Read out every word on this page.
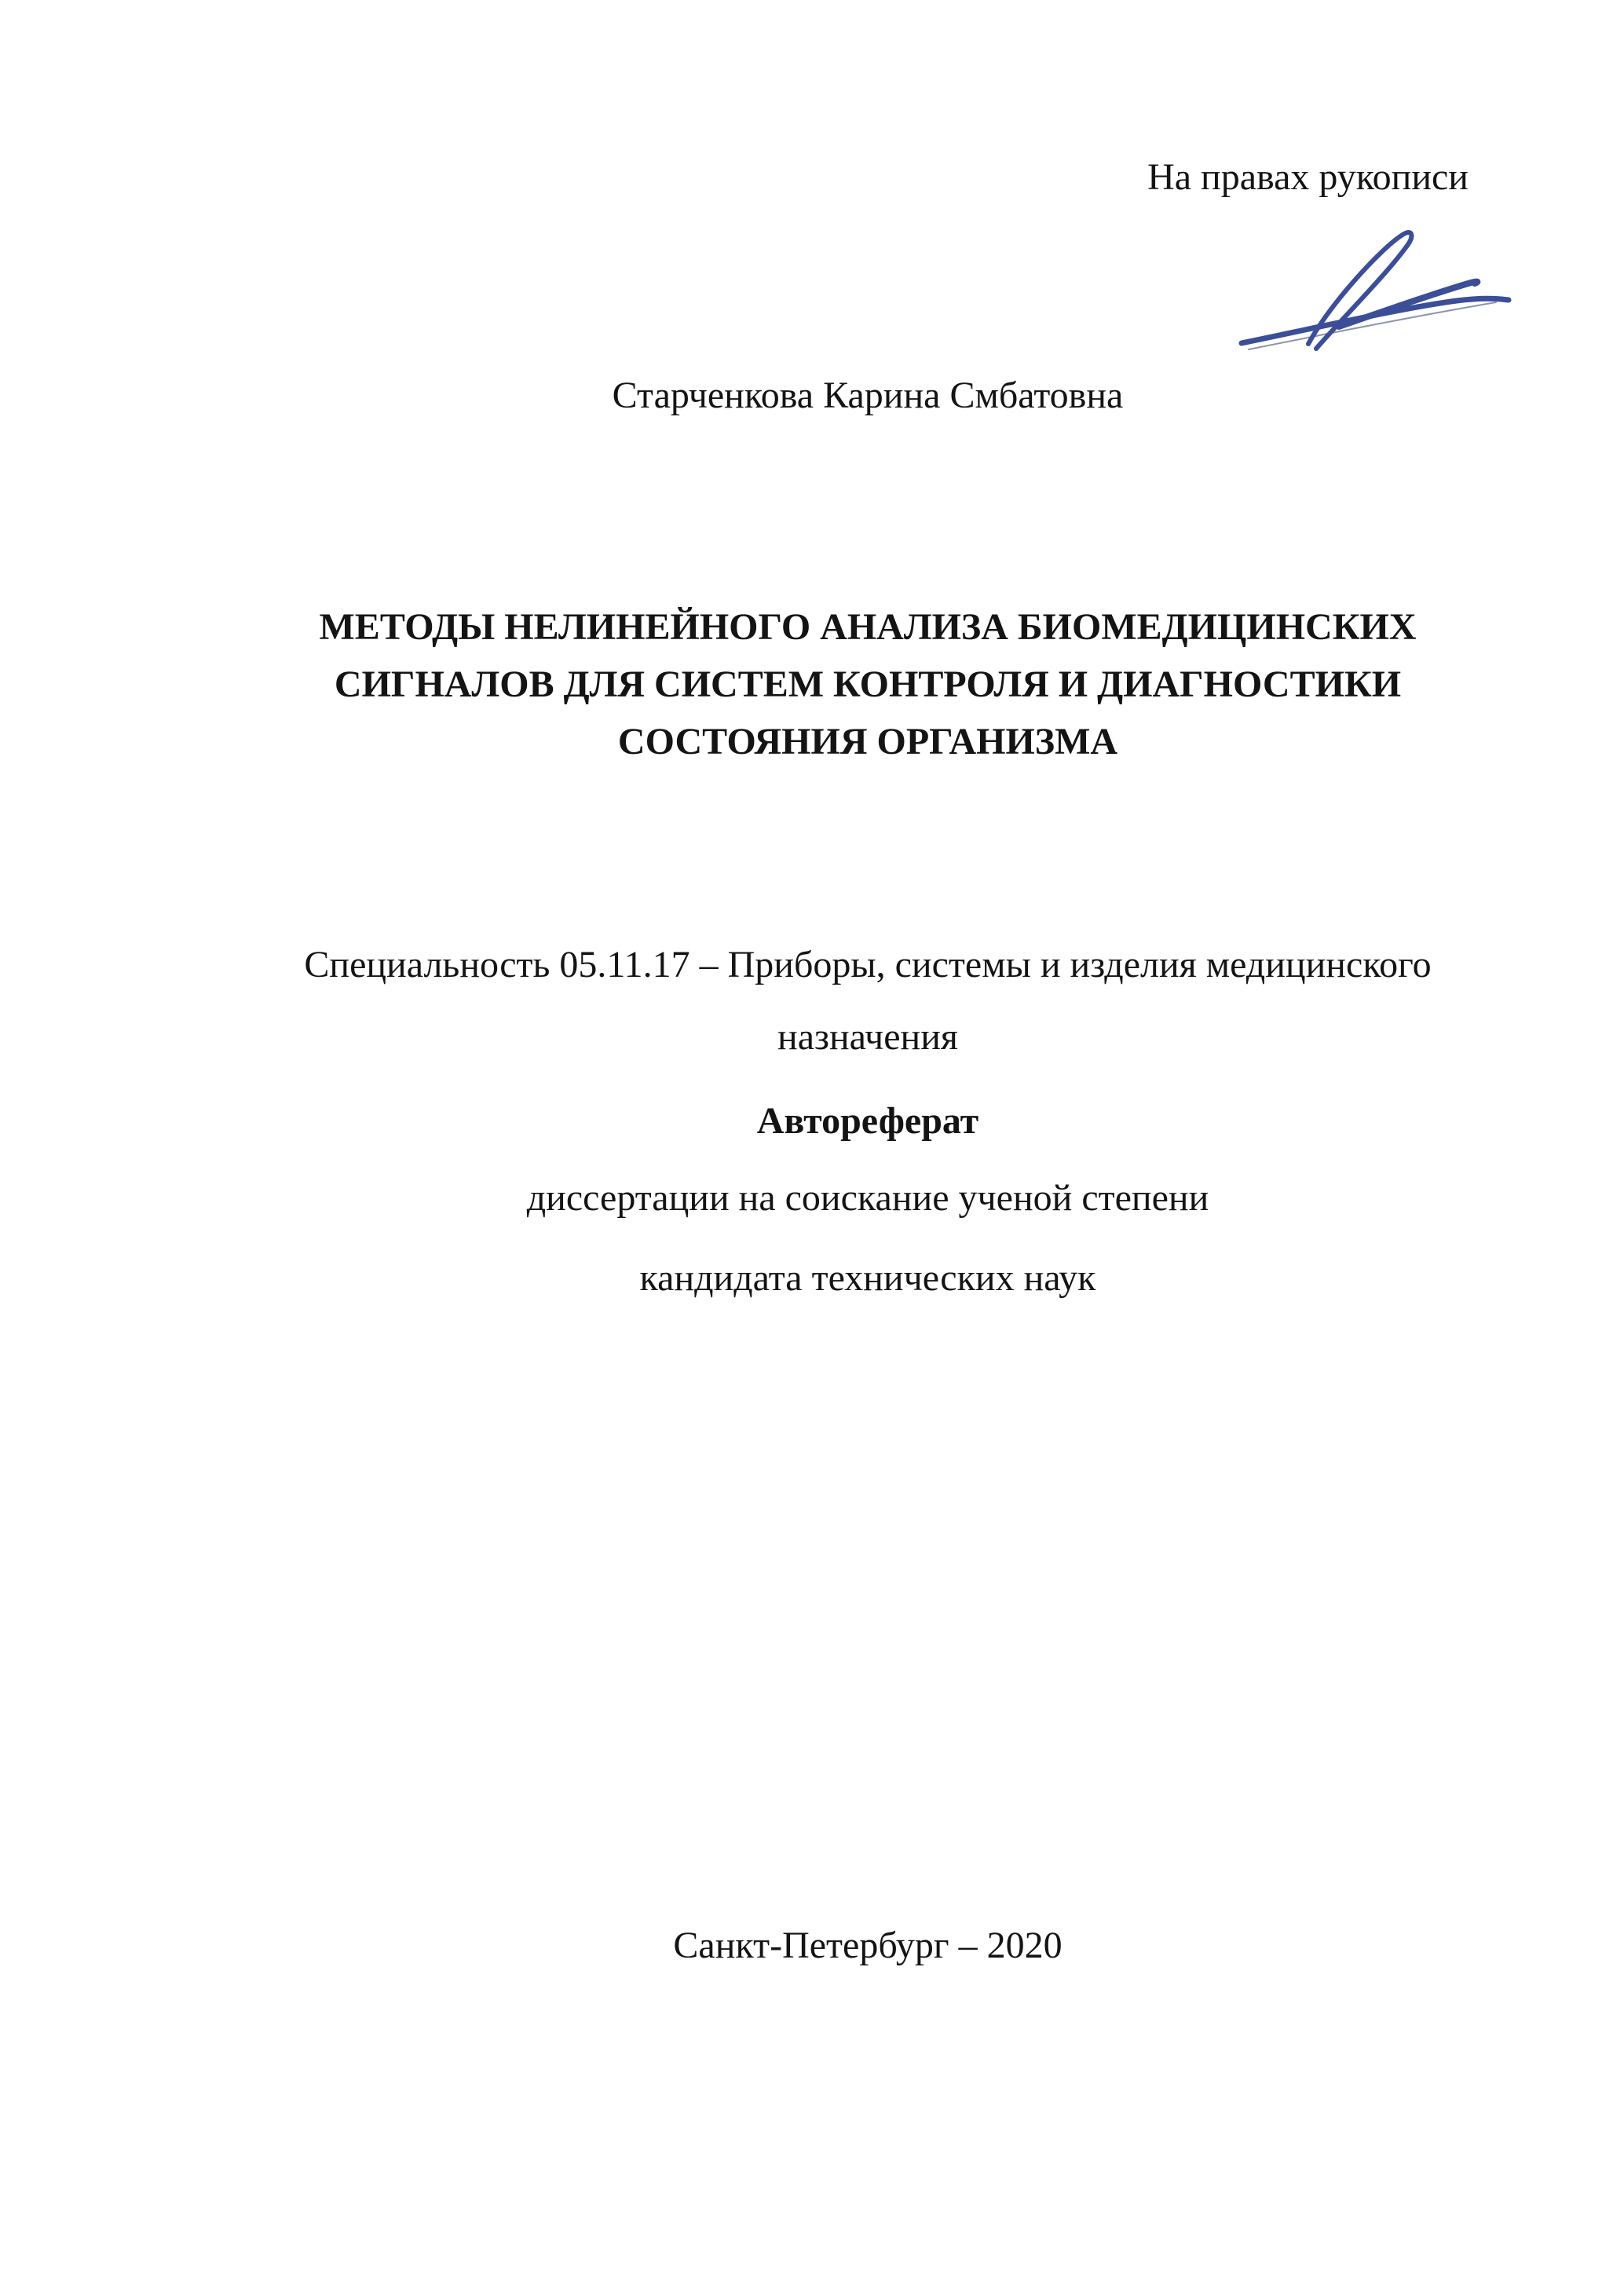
На правах рукописи
Старченкова Карина Смбатовна
МЕТОДЫ НЕЛИНЕЙНОГО АНАЛИЗА БИОМЕДИЦИНСКИХ
СИГНАЛОВ ДЛЯ СИСТЕМ КОНТРОЛЯ И ДИАГНОСТИКИ
СОСТОЯНИЯ ОРГАНИЗМА
Специальность 05.11.17 – Приборы, системы и изделия медицинского
назначения
Автореферат
диссертации на соискание ученой степени
кандидата технических наук
Санкт-Петербург – 2020
